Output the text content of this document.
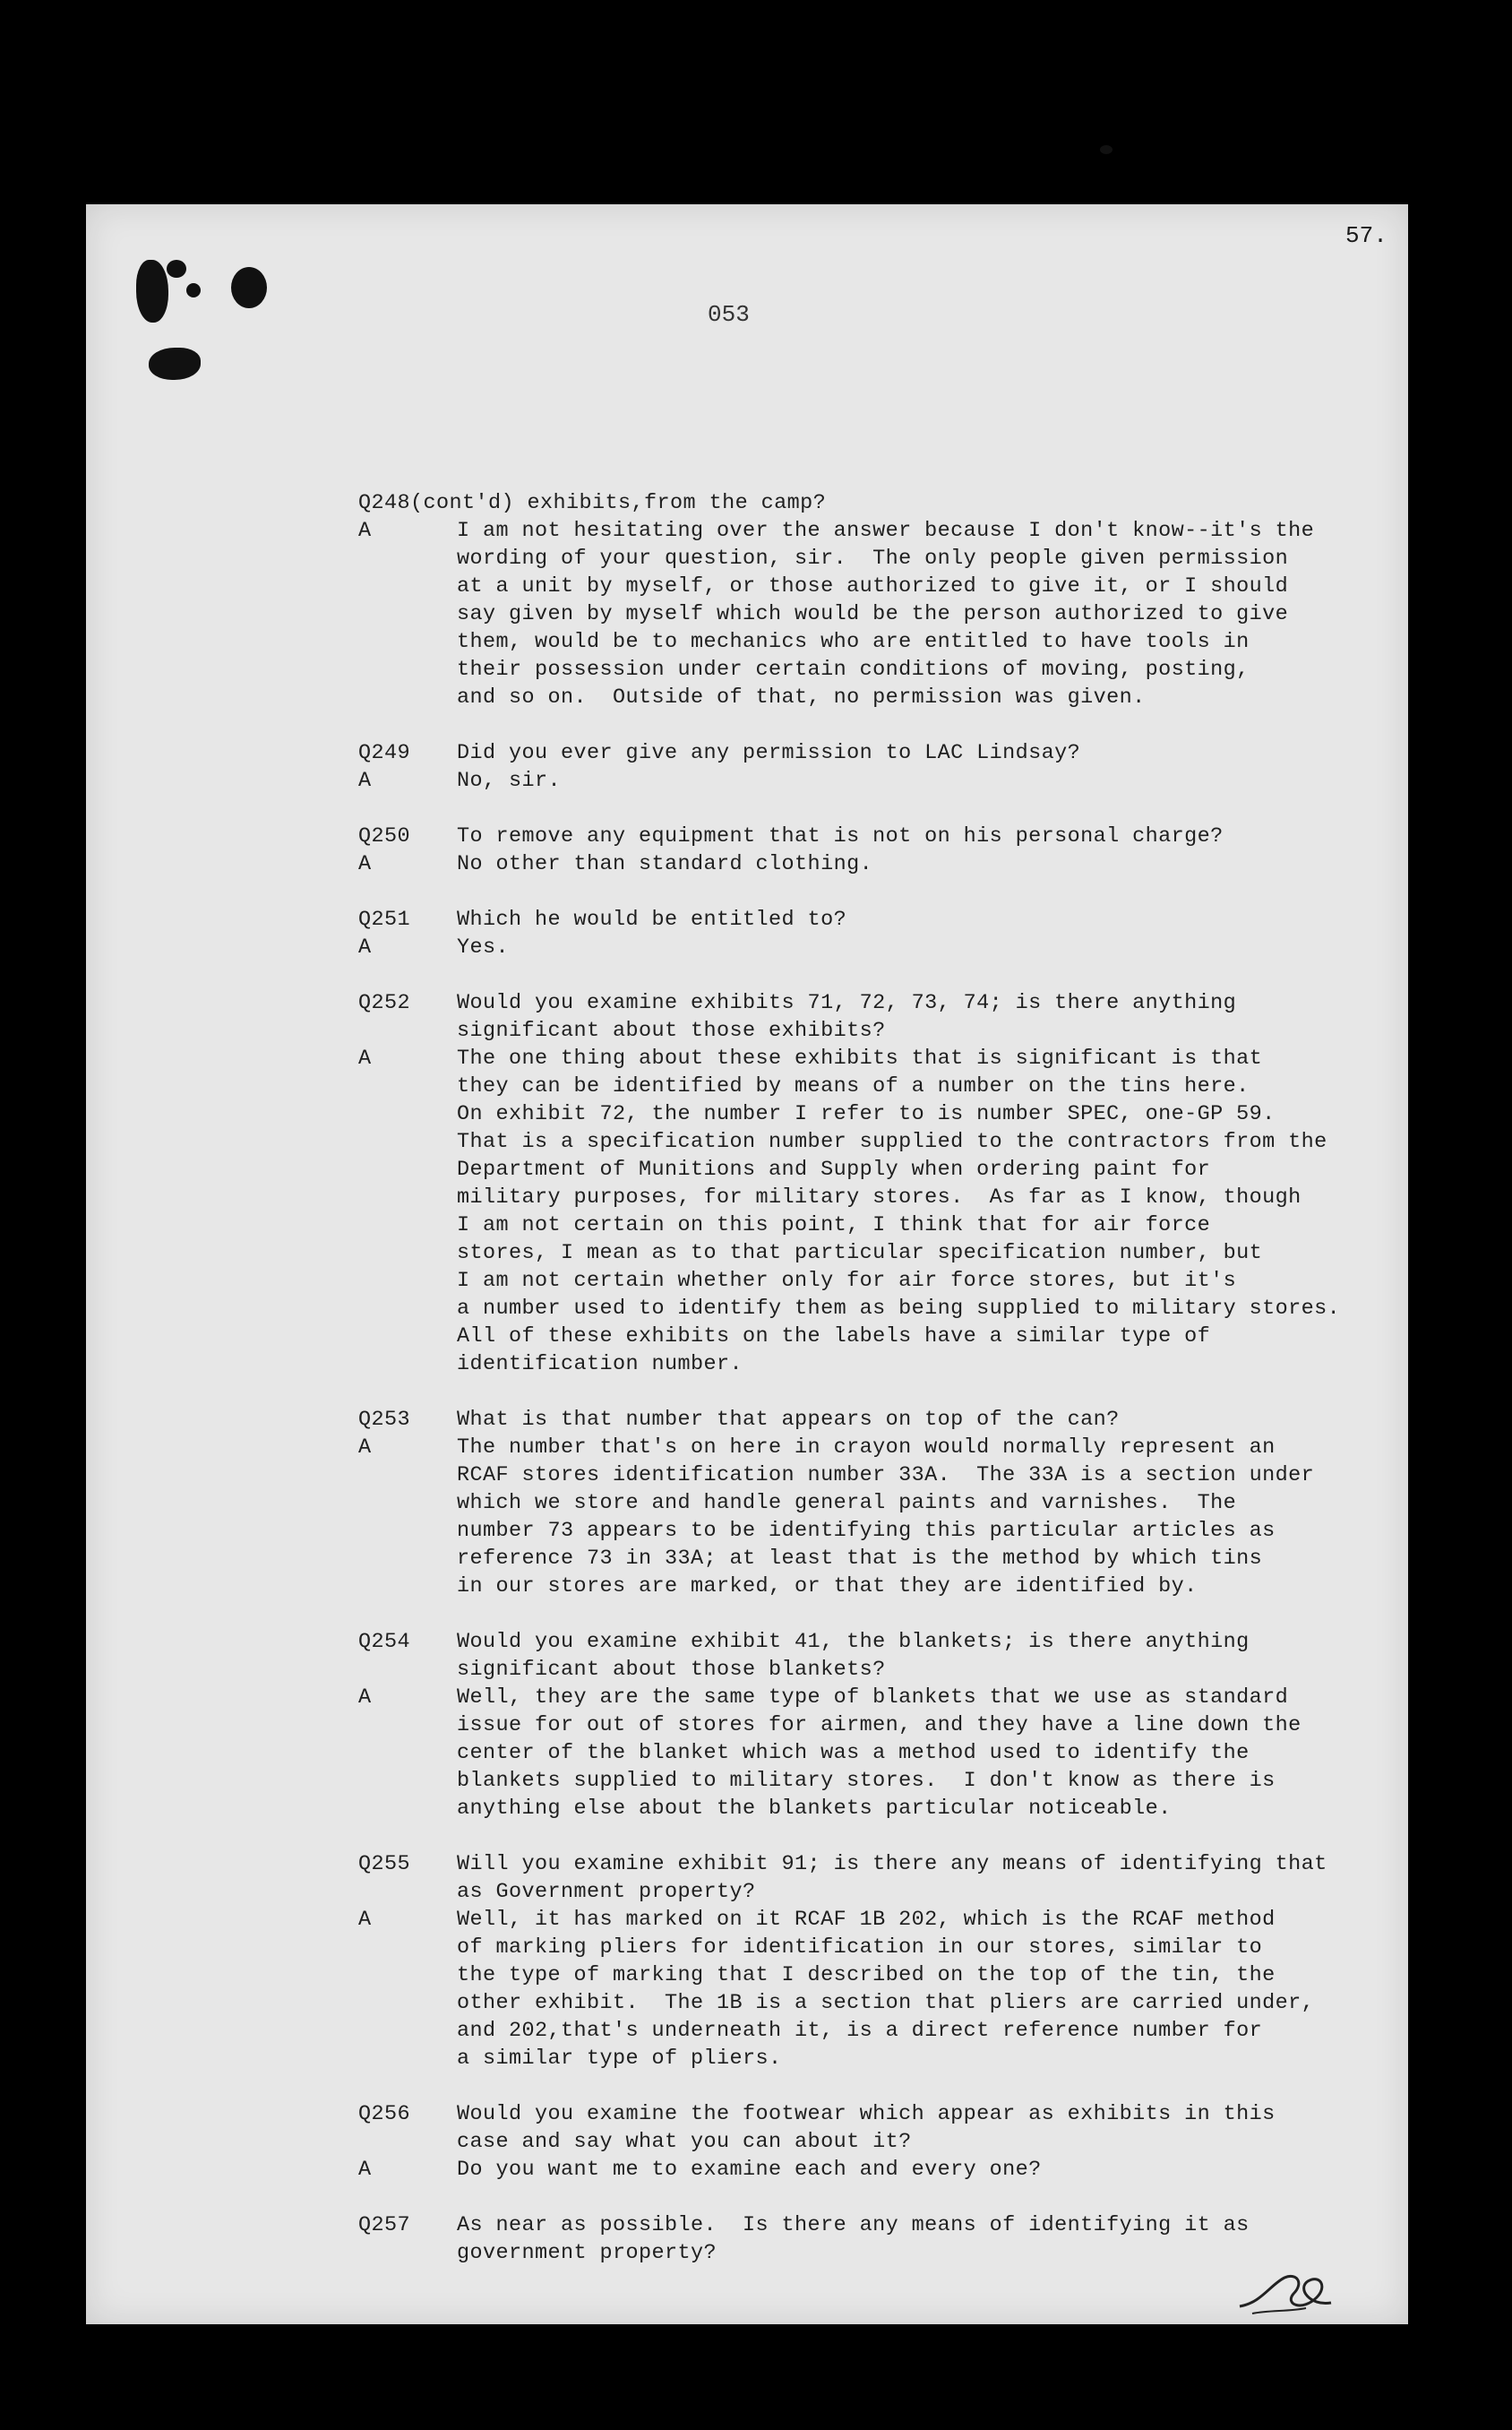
57.
053
Q248(cont'd) exhibits,from the camp?
A	I am not hesitating over the answer because I don't know--it's the
wording of your question, sir.  The only people given permission
at a unit by myself, or those authorized to give it, or I should
say given by myself which would be the person authorized to give
them, would be to mechanics who are entitled to have tools in
their possession under certain conditions of moving, posting,
and so on.  Outside of that, no permission was given.
Q249	Did you ever give any permission to LAC Lindsay?
A	No, sir.
Q250	To remove any equipment that is not on his personal charge?
A	No other than standard clothing.
Q251	Which he would be entitled to?
A	Yes.
Q252	Would you examine exhibits 71, 72, 73, 74; is there anything
significant about those exhibits?
A	The one thing about these exhibits that is significant is that
they can be identified by means of a number on the tins here.
On exhibit 72, the number I refer to is number SPEC, one-GP 59.
That is a specification number supplied to the contractors from the
Department of Munitions and Supply when ordering paint for
military purposes, for military stores.  As far as I know, though
I am not certain on this point, I think that for air force
stores, I mean as to that particular specification number, but
I am not certain whether only for air force stores, but it's
a number used to identify them as being supplied to military stores.
All of these exhibits on the labels have a similar type of
identification number.
Q253	What is that number that appears on top of the can?
A	The number that's on here in crayon would normally represent an
RCAF stores identification number 33A.  The 33A is a section under
which we store and handle general paints and varnishes.  The
number 73 appears to be identifying this particular articles as
reference 73 in 33A; at least that is the method by which tins
in our stores are marked, or that they are identified by.
Q254	Would you examine exhibit 41, the blankets; is there anything
significant about those blankets?
A	Well, they are the same type of blankets that we use as standard
issue for out of stores for airmen, and they have a line down the
center of the blanket which was a method used to identify the
blankets supplied to military stores.  I don't know as there is
anything else about the blankets particular noticeable.
Q255	Will you examine exhibit 91; is there any means of identifying that
as Government property?
A	Well, it has marked on it RCAF 1B 202, which is the RCAF method
of marking pliers for identification in our stores, similar to
the type of marking that I described on the top of the tin, the
other exhibit.  The 1B is a section that pliers are carried under,
and 202,that's underneath it, is a direct reference number for
a similar type of pliers.
Q256	Would you examine the footwear which appear as exhibits in this
case and say what you can about it?
A	Do you want me to examine each and every one?
Q257	As near as possible.  Is there any means of identifying it as
government property?
